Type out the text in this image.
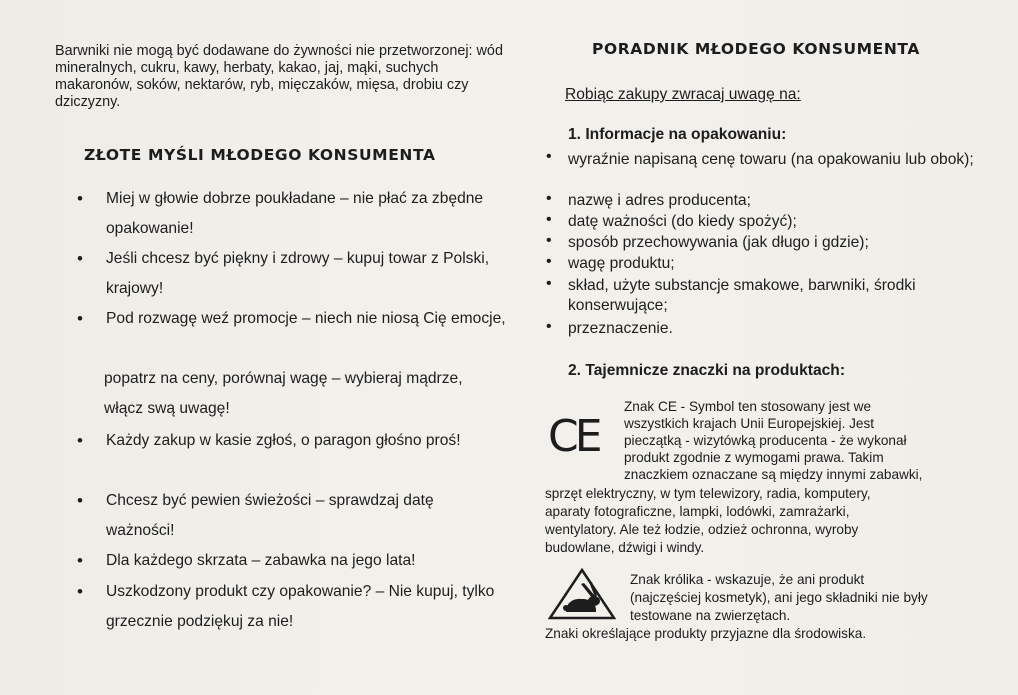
Barwniki nie mogą być dodawane do żywności nie przetworzonej: wód mineralnych, cukru, kawy, herbaty, kakao, jaj, mąki, suchych makaronów, soków, nektarów, ryb, mięczaków, mięsa, drobiu czy dziczyzny.

ZŁOTE MYŚLI MŁODEGO KONSUMENTA
• Miej w głowie dobrze poukładane – nie płać za zbędne opakowanie!

• Jeśli chcesz być piękny i zdrowy – kupuj towar z Polski, krajowy!

• Pod rozwagę weź promocje – niech nie niosą Cię emocje,

popatrz na ceny, porównaj wagę – wybieraj mądrze, włącz swą uwagę!

• Każdy zakup w kasie zgłoś, o paragon głośno proś!

• Chcesz być pewien świeżości – sprawdzaj datę ważności!

• Dla każdego skrzata – zabawka na jego lata!

• Uszkodzony produkt czy opakowanie? – Nie kupuj, tylko grzecznie podziękuj za nie!

PORADNIK MŁODEGO KONSUMENTA
Robiąc zakupy zwracaj uwagę na:
1. Informacje na opakowaniu:
• wyraźnie napisaną cenę towaru (na opakowaniu lub obok);

• nazwę i adres producenta;

• datę ważności (do kiedy spożyć);

• sposób przechowywania (jak długo i gdzie);

• wagę produktu;

• skład, użyte substancje smakowe, barwniki, środki konserwujące;

• przeznaczenie.

2. Tajemnicze znaczki na produktach:
CE

Znak CE - Symbol ten stosowany jest we

wszystkich krajach Unii Europejskiej. Jest

pieczątką - wizytówką producenta - że wykonał

produkt zgodnie z wymogami prawa. Takim

znaczkiem oznaczane są między innymi zabawki,

sprzęt elektryczny, w tym telewizory, radia, komputery,

aparaty fotograficzne, lampki, lodówki, zamrażarki,

wentylatory. Ale też łodzie, odzież ochronna, wyroby

budowlane, dźwigi i windy.

Znak królika - wskazuje, że ani produkt

(najczęściej kosmetyk), ani jego składniki nie były

testowane na zwierzętach.

Znaki określające produkty przyjazne dla środowiska.
